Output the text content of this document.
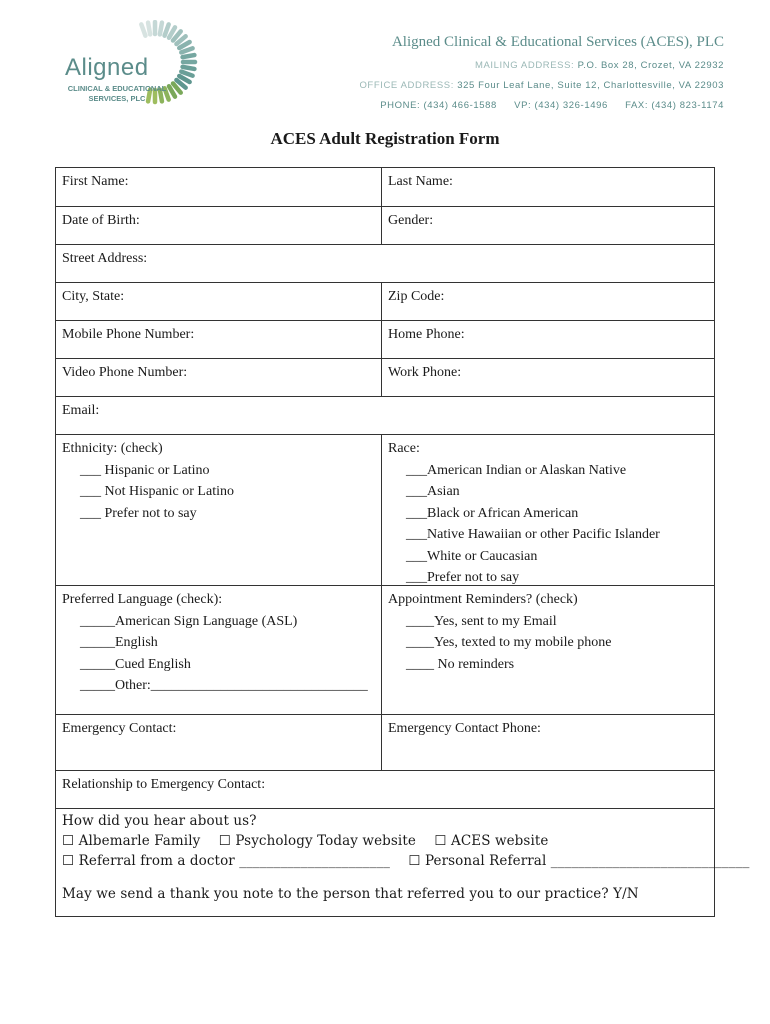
Aligned
CLINICAL & EDUCATIONAL
SERVICES, PLC
Aligned Clinical & Educational Services (ACES), PLC
MAILING ADDRESS: P.O. Box 28, Crozet, VA 22932
OFFICE ADDRESS: 325 Four Leaf Lane, Suite 12, Charlottesville, VA 22903
PHONE: (434) 466-1588 VP: (434) 326-1496 FAX: (434) 823-1174
ACES Adult Registration Form
First Name:	Last Name:
Date of Birth:	Gender:
Street Address:
City, State:	Zip Code:
Mobile Phone Number:	Home Phone:
Video Phone Number:	Work Phone:
Email:
Ethnicity: (check)
___ Hispanic or Latino
___ Not Hispanic or Latino
___ Prefer not to say
Race:
___American Indian or Alaskan Native
___Asian
___Black or African American
___Native Hawaiian or other Pacific Islander
___White or Caucasian
___Prefer not to say
Preferred Language (check):
_____American Sign Language (ASL)
_____English
_____Cued English
_____Other:_______________________________
Appointment Reminders? (check)
____Yes, sent to my Email
____Yes, texted to my mobile phone
____ No reminders
Emergency Contact:	Emergency Contact Phone:
Relationship to Emergency Contact:
How did you hear about us?
☐ Albemarle Family ☐ Psychology Today website ☐ ACES website
☐ Referral from a doctor ______________________ ☐ Personal Referral _____________________________
May we send a thank you note to the person that referred you to our practice? Y/N
